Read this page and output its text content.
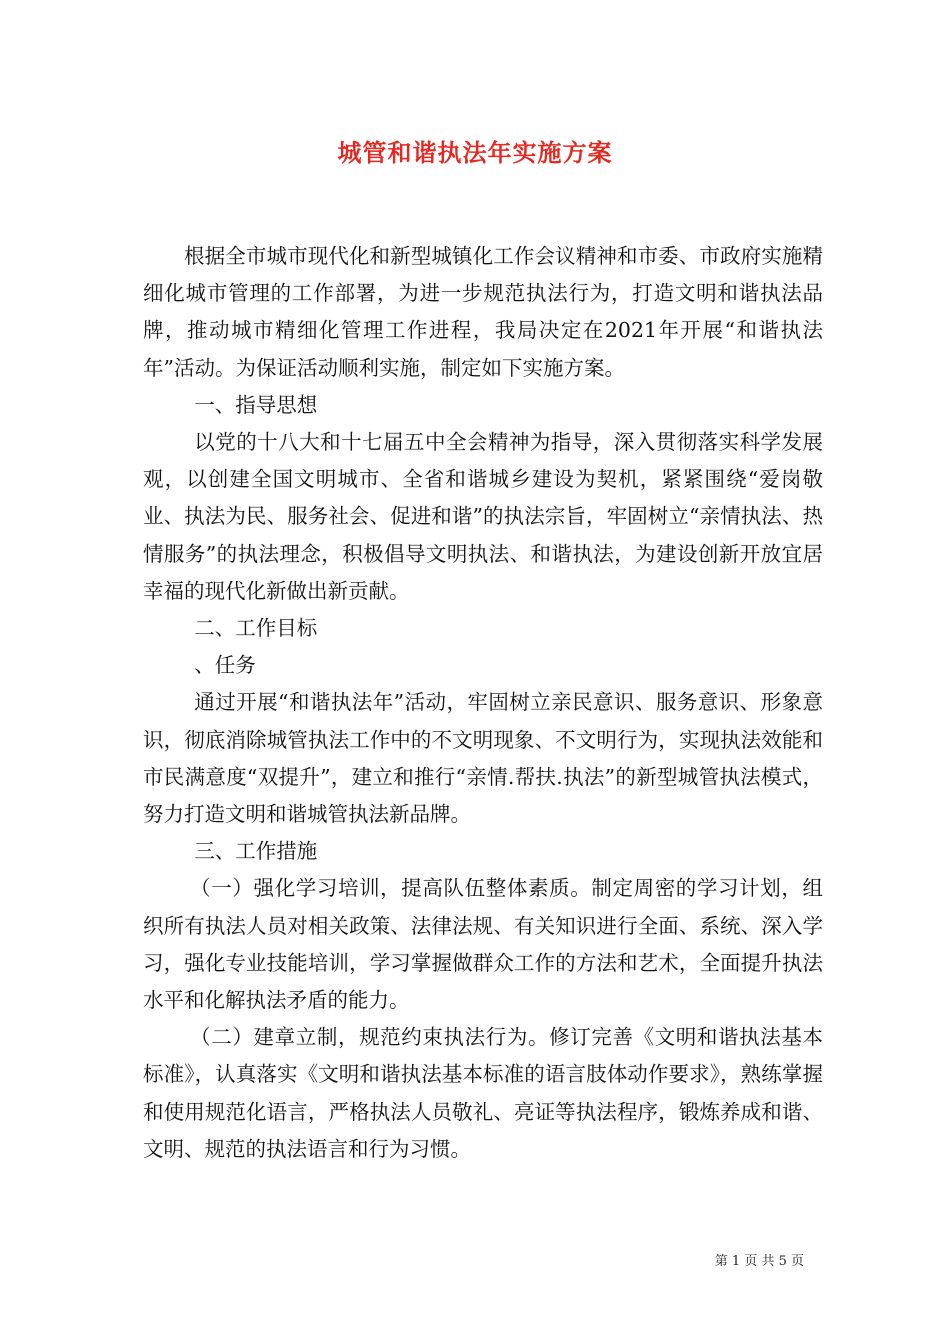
城管和谐执法年实施方案

根据全市城市现代化和新型城镇化工作会议精神和市委、市政府实施精细化城市管理的工作部署，为进一步规范执法行为，打造文明和谐执法品牌，推动城市精细化管理工作进程，我局决定在2021年开展“和谐执法年”活动。为保证活动顺利实施，制定如下实施方案。

一、指导思想

以党的十八大和十七届五中全会精神为指导，深入贯彻落实科学发展观，以创建全国文明城市、全省和谐城乡建设为契机，紧紧围绕“爱岗敬业、执法为民、服务社会、促进和谐”的执法宗旨，牢固树立“亲情执法、热情服务”的执法理念，积极倡导文明执法、和谐执法，为建设创新开放宜居幸福的现代化新做出新贡献。

二、工作目标

、任务

通过开展“和谐执法年”活动，牢固树立亲民意识、服务意识、形象意识，彻底消除城管执法工作中的不文明现象、不文明行为，实现执法效能和市民满意度“双提升”，建立和推行“亲情.帮扶.执法”的新型城管执法模式，努力打造文明和谐城管执法新品牌。

三、工作措施

（一）强化学习培训，提高队伍整体素质。制定周密的学习计划，组织所有执法人员对相关政策、法律法规、有关知识进行全面、系统、深入学习，强化专业技能培训，学习掌握做群众工作的方法和艺术，全面提升执法水平和化解执法矛盾的能力。

（二）建章立制，规范约束执法行为。修订完善《文明和谐执法基本标准》，认真落实《文明和谐执法基本标准的语言肢体动作要求》，熟练掌握和使用规范化语言，严格执法人员敬礼、亮证等执法程序，锻炼养成和谐、文明、规范的执法语言和行为习惯。

第 1 页 共 5 页
